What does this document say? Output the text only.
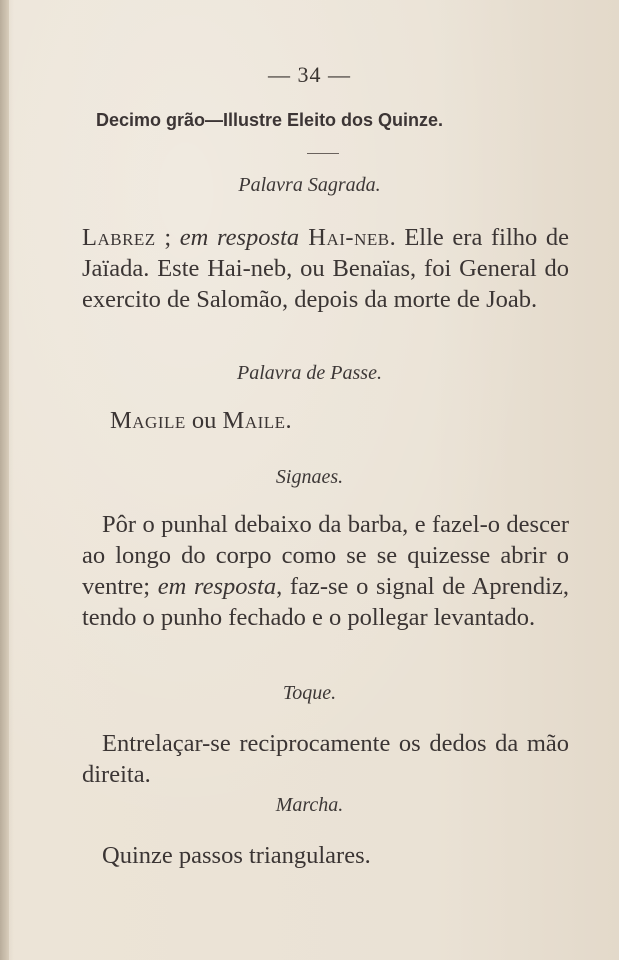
— 34 —
Decimo grão—Illustre Eleito dos Quinze.
Palavra Sagrada.

Labrez ; em resposta Hai-neb. Elle era filho de Jaïada. Este Hai-neb, ou Benaïas, foi General do exercito de Salomão, depois da morte de Joab.

Palavra de Passe.

Magile ou Maile.

Signaes.

Pôr o punhal debaixo da barba, e fazel-o descer ao longo do corpo como se se quizesse abrir o ventre; em resposta, faz-se o signal de Aprendiz, tendo o punho fechado e o pollegar levantado.

Toque.

Entrelaçar-se reciprocamente os dedos da mão direita.

Marcha.

Quinze passos triangulares.
